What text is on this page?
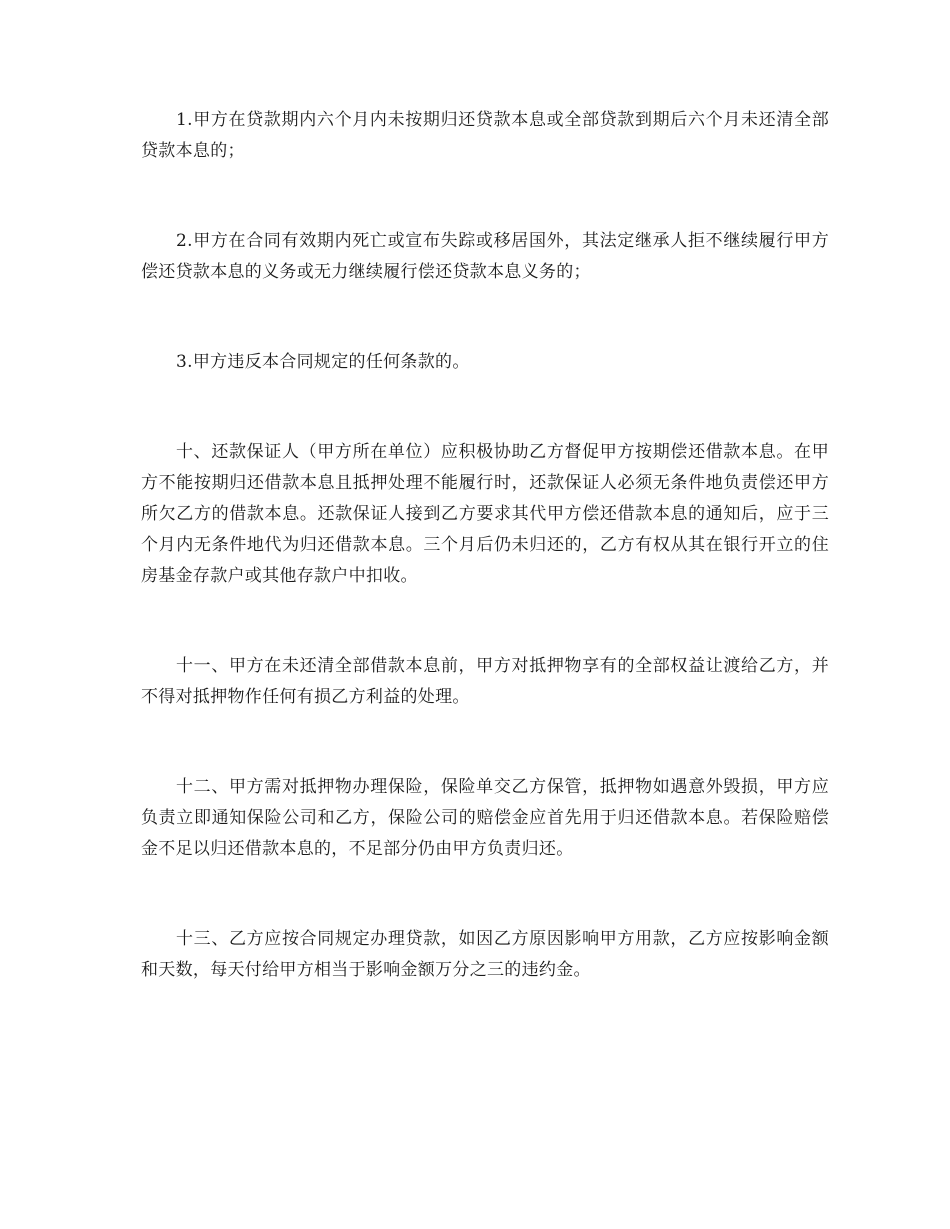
1.甲方在贷款期内六个月内未按期归还贷款本息或全部贷款到期后六个月未还清全部贷款本息的；

2.甲方在合同有效期内死亡或宣布失踪或移居国外，其法定继承人拒不继续履行甲方偿还贷款本息的义务或无力继续履行偿还贷款本息义务的；

3.甲方违反本合同规定的任何条款的。

十、还款保证人（甲方所在单位）应积极协助乙方督促甲方按期偿还借款本息。在甲方不能按期归还借款本息且抵押处理不能履行时，还款保证人必须无条件地负责偿还甲方所欠乙方的借款本息。还款保证人接到乙方要求其代甲方偿还借款本息的通知后，应于三个月内无条件地代为归还借款本息。三个月后仍未归还的，乙方有权从其在银行开立的住房基金存款户或其他存款户中扣收。

十一、甲方在未还清全部借款本息前，甲方对抵押物享有的全部权益让渡给乙方，并不得对抵押物作任何有损乙方利益的处理。

十二、甲方需对抵押物办理保险，保险单交乙方保管，抵押物如遇意外毁损，甲方应负责立即通知保险公司和乙方，保险公司的赔偿金应首先用于归还借款本息。若保险赔偿金不足以归还借款本息的，不足部分仍由甲方负责归还。

十三、乙方应按合同规定办理贷款，如因乙方原因影响甲方用款，乙方应按影响金额和天数，每天付给甲方相当于影响金额万分之三的违约金。
